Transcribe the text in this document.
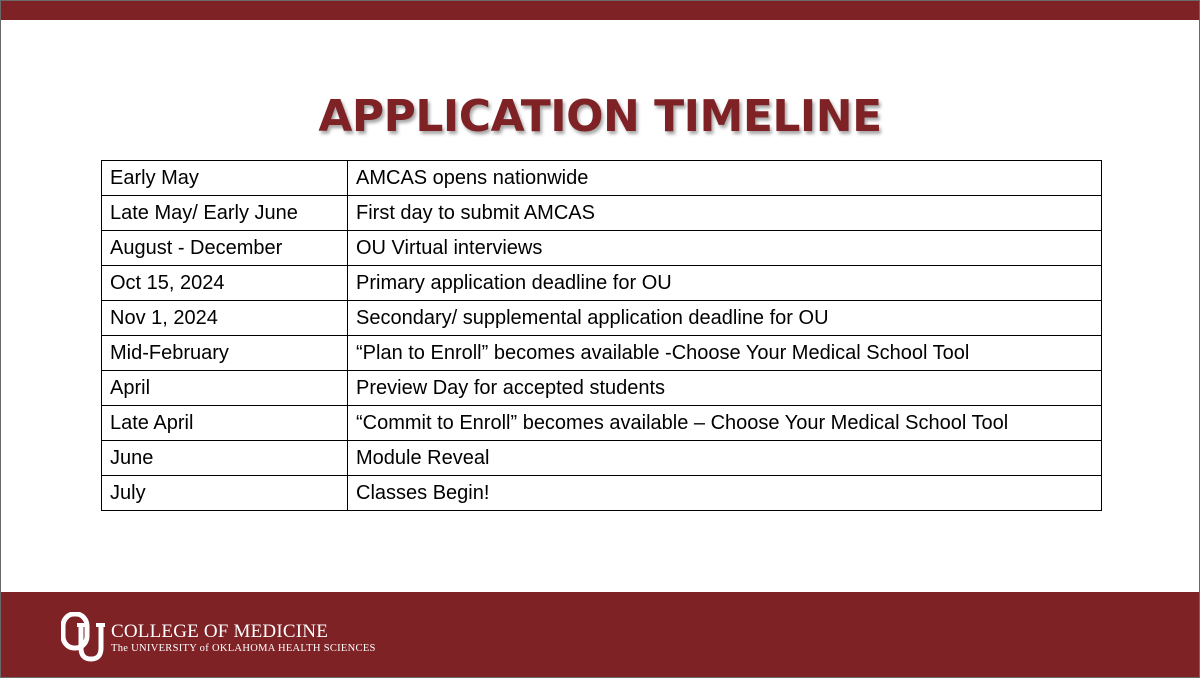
APPLICATION TIMELINE
Early May	AMCAS opens nationwide
Late May/ Early June	First day to submit AMCAS
August - December	OU Virtual interviews
Oct 15, 2024	Primary application deadline for OU
Nov 1, 2024	Secondary/ supplemental application deadline for OU
Mid-February	“Plan to Enroll” becomes available -Choose Your Medical School Tool
April	Preview Day for accepted students
Late April	“Commit to Enroll” becomes available – Choose Your Medical School Tool
June	Module Reveal
July	Classes Begin!
COLLEGE OF MEDICINE
The UNIVERSITY of OKLAHOMA HEALTH SCIENCES
